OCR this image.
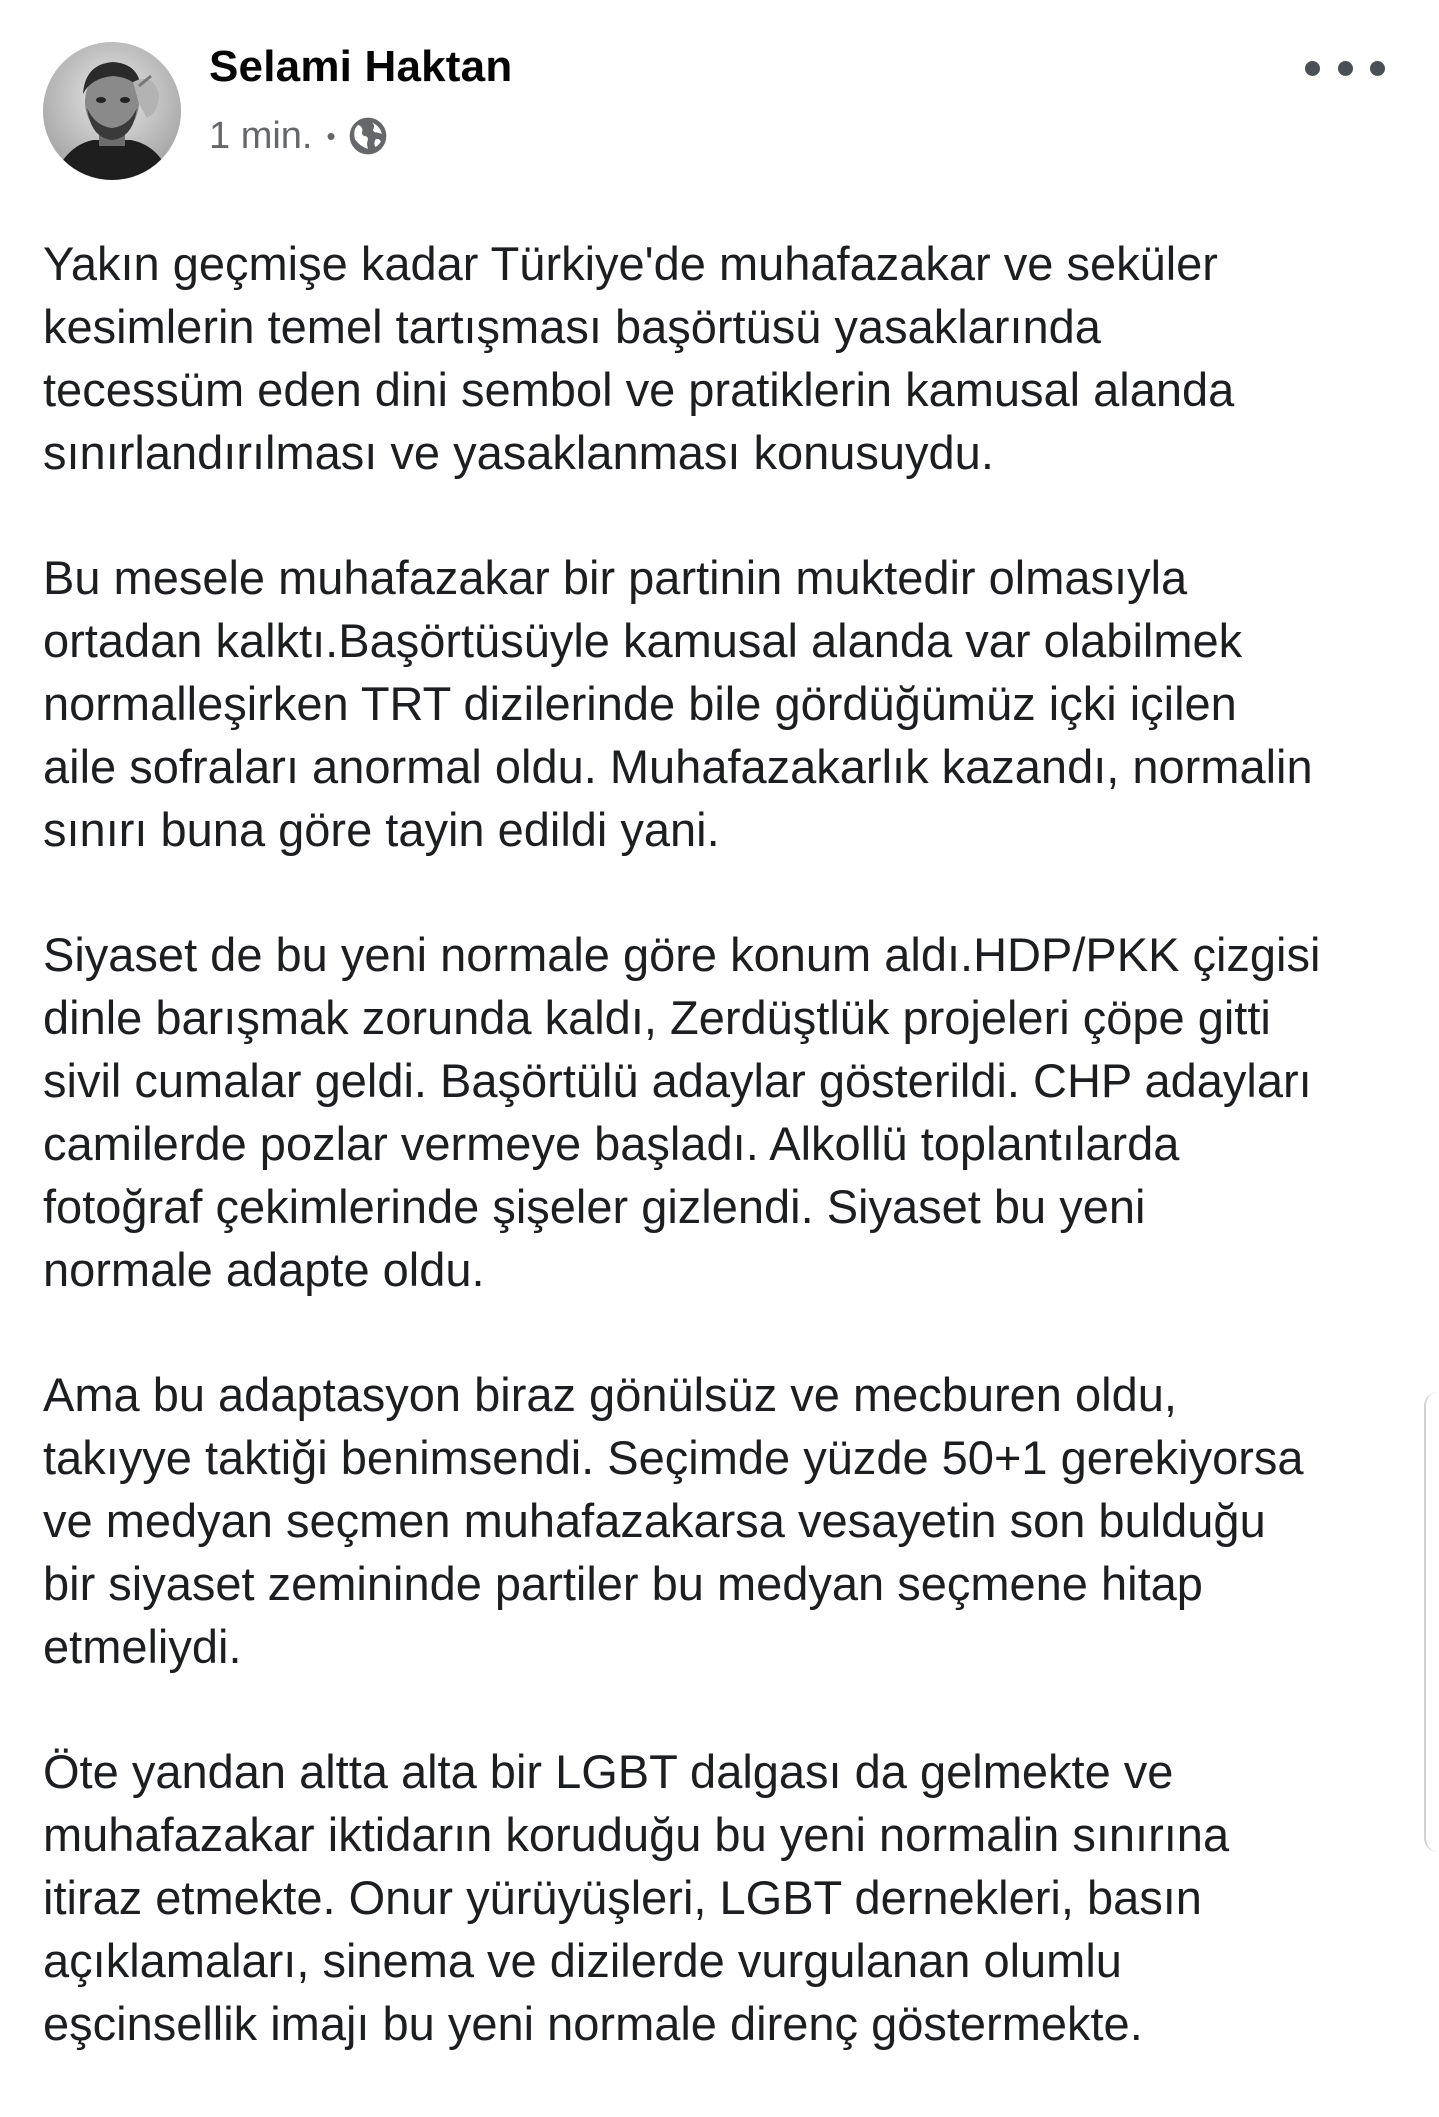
Selami Haktan
1 min. •

Yakın geçmişe kadar Türkiye'de muhafazakar ve seküler
kesimlerin temel tartışması başörtüsü yasaklarında
tecessüm eden dini sembol ve pratiklerin kamusal alanda
sınırlandırılması ve yasaklanması konusuydu.

Bu mesele muhafazakar bir partinin muktedir olmasıyla
ortadan kalktı.Başörtüsüyle kamusal alanda var olabilmek
normalleşirken TRT dizilerinde bile gördüğümüz içki içilen
aile sofraları anormal oldu. Muhafazakarlık kazandı, normalin
sınırı buna göre tayin edildi yani.

Siyaset de bu yeni normale göre konum aldı.HDP/PKK çizgisi
dinle barışmak zorunda kaldı, Zerdüştlük projeleri çöpe gitti
sivil cumalar geldi. Başörtülü adaylar gösterildi. CHP adayları
camilerde pozlar vermeye başladı. Alkollü toplantılarda
fotoğraf çekimlerinde şişeler gizlendi. Siyaset bu yeni
normale adapte oldu.

Ama bu adaptasyon biraz gönülsüz ve mecburen oldu,
takıyye taktiği benimsendi. Seçimde yüzde 50+1 gerekiyorsa
ve medyan seçmen muhafazakarsa vesayetin son bulduğu
bir siyaset zemininde partiler bu medyan seçmene hitap
etmeliydi.

Öte yandan altta alta bir LGBT dalgası da gelmekte ve
muhafazakar iktidarın koruduğu bu yeni normalin sınırına
itiraz etmekte. Onur yürüyüşleri, LGBT dernekleri, basın
açıklamaları, sinema ve dizilerde vurgulanan olumlu
eşcinsellik imajı bu yeni normale direnç göstermekte.
